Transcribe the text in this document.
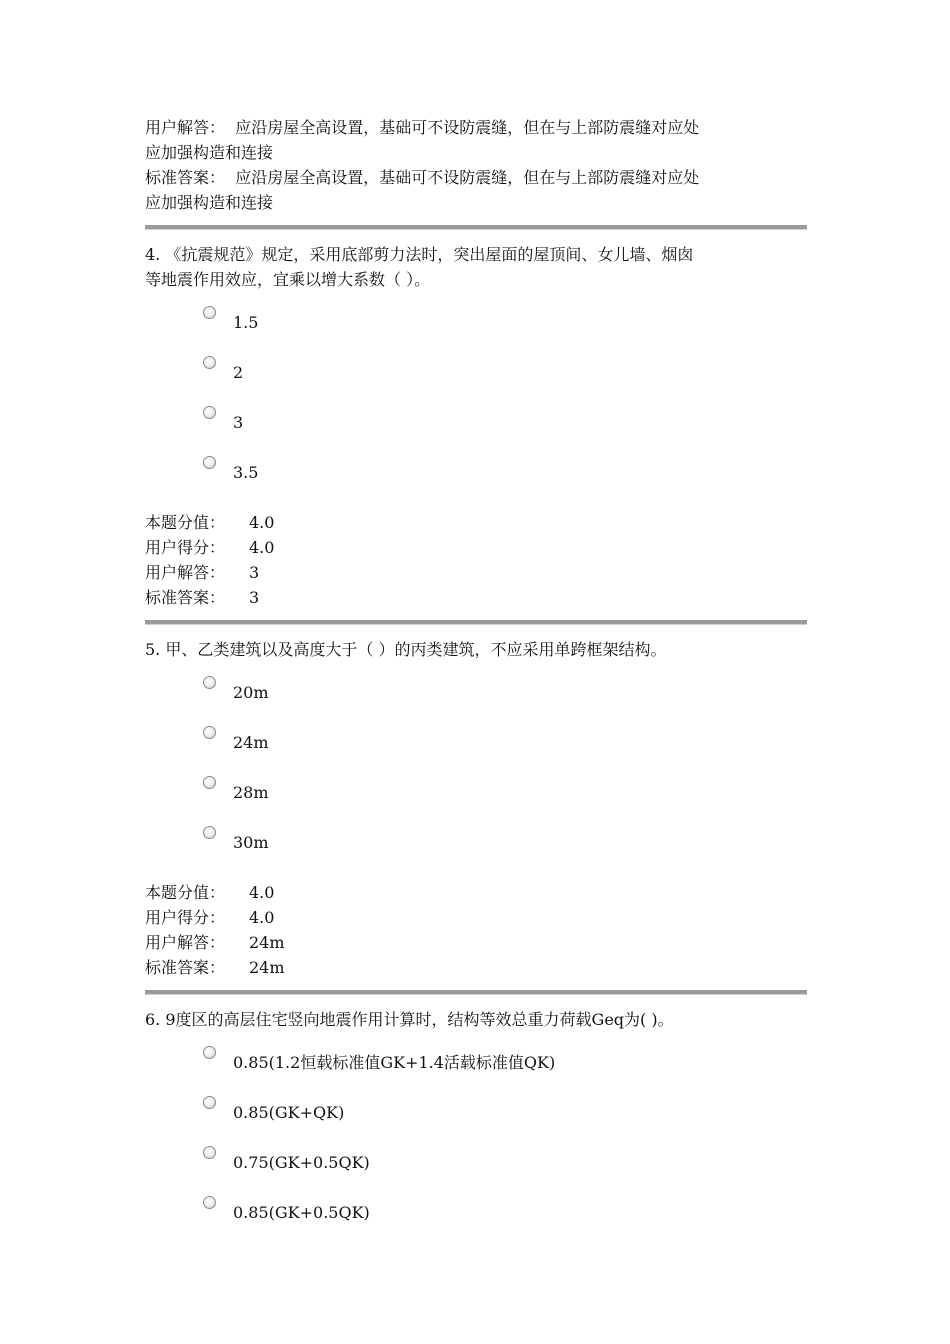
用户解答： 应沿房屋全高设置，基础可不设防震缝，但在与上部防震缝对应处
应加强构造和连接
标准答案： 应沿房屋全高设置，基础可不设防震缝，但在与上部防震缝对应处
应加强构造和连接
4. 《抗震规范》规定，采用底部剪力法时，突出屋面的屋顶间、女儿墙、烟囱
等地震作用效应，宜乘以增大系数（ ）。
1.5
2
3
3.5
本题分值： 4.0
用户得分： 4.0
用户解答： 3
标准答案： 3
5. 甲、乙类建筑以及高度大于（ ）的丙类建筑，不应采用单跨框架结构。
20m
24m
28m
30m
本题分值： 4.0
用户得分： 4.0
用户解答： 24m
标准答案： 24m
6. 9度区的高层住宅竖向地震作用计算时，结构等效总重力荷载Geq为( )。
0.85(1.2恒载标准值GK+1.4活载标准值QK)
0.85(GK+QK)
0.75(GK+0.5QK)
0.85(GK+0.5QK)
